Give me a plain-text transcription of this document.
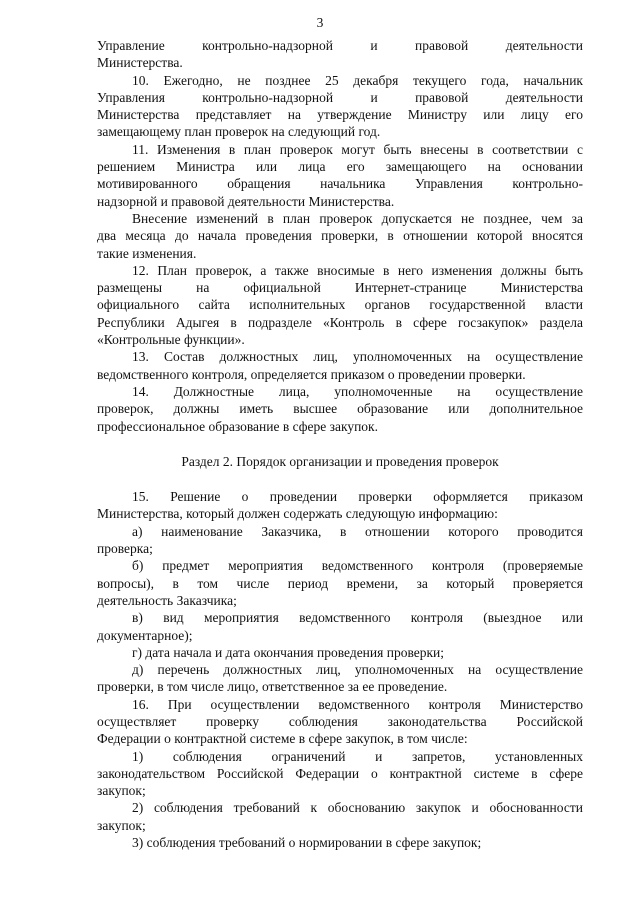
3
Управление контрольно-надзорной и правовой деятельности
Министерства.
10. Ежегодно, не позднее 25 декабря текущего года, начальник
Управления контрольно-надзорной и правовой деятельности
Министерства представляет на утверждение Министру или лицу его
замещающему план проверок на следующий год.
11. Изменения в план проверок могут быть внесены в соответствии с
решением Министра или лица его замещающего на основании
мотивированного обращения начальника Управления контрольно-
надзорной и правовой деятельности Министерства.
Внесение изменений в план проверок допускается не позднее, чем за
два месяца до начала проведения проверки, в отношении которой вносятся
такие изменения.
12. План проверок, а также вносимые в него изменения должны быть
размещены на официальной Интернет-странице Министерства
официального сайта исполнительных органов государственной власти
Республики Адыгея в подразделе «Контроль в сфере госзакупок» раздела
«Контрольные функции».
13. Состав должностных лиц, уполномоченных на осуществление
ведомственного контроля, определяется приказом о проведении проверки.
14. Должностные лица, уполномоченные на осуществление
проверок, должны иметь высшее образование или дополнительное
профессиональное образование в сфере закупок.
Раздел 2. Порядок организации и проведения проверок
15. Решение о проведении проверки оформляется приказом
Министерства, который должен содержать следующую информацию:
а) наименование Заказчика, в отношении которого проводится
проверка;
б) предмет мероприятия ведомственного контроля (проверяемые
вопросы), в том числе период времени, за который проверяется
деятельность Заказчика;
в) вид мероприятия ведомственного контроля (выездное или
документарное);
г) дата начала и дата окончания проведения проверки;
д) перечень должностных лиц, уполномоченных на осуществление
проверки, в том числе лицо, ответственное за ее проведение.
16. При осуществлении ведомственного контроля Министерство
осуществляет проверку соблюдения законодательства Российской
Федерации о контрактной системе в сфере закупок, в том числе:
1) соблюдения ограничений и запретов, установленных
законодательством Российской Федерации о контрактной системе в сфере
закупок;
2) соблюдения требований к обоснованию закупок и обоснованности
закупок;
3) соблюдения требований о нормировании в сфере закупок;
